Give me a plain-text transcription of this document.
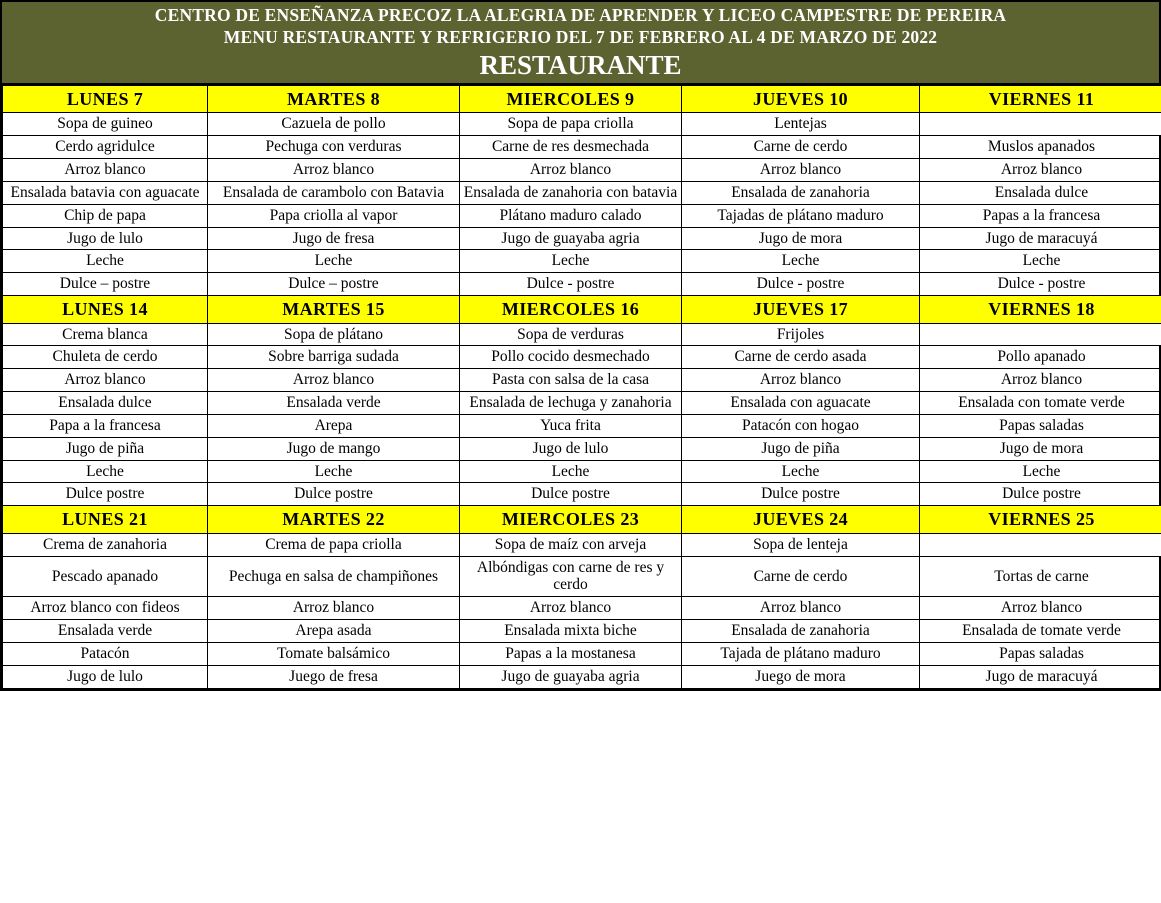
CENTRO DE ENSEÑANZA PRECOZ LA ALEGRIA DE APRENDER Y LICEO CAMPESTRE DE PEREIRA
MENU RESTAURANTE Y REFRIGERIO DEL 7 DE FEBRERO AL 4 DE MARZO DE 2022
RESTAURANTE
LUNES 7	MARTES 8	MIERCOLES 9	JUEVES 10	VIERNES 11
Sopa de guineo	Cazuela de pollo	Sopa de papa criolla	Lentejas	
Cerdo agridulce	Pechuga con verduras	Carne de res desmechada	Carne de cerdo	Muslos apanados
Arroz blanco	Arroz blanco	Arroz blanco	Arroz blanco	Arroz blanco
Ensalada batavia con aguacate	Ensalada de carambolo con Batavia	Ensalada de zanahoria con batavia	Ensalada de zanahoria	Ensalada dulce
Chip de papa	Papa criolla al vapor	Plátano maduro calado	Tajadas de plátano maduro	Papas a la francesa
Jugo de lulo	Jugo de fresa	Jugo de guayaba agria	Jugo de mora	Jugo de maracuyá
Leche	Leche	Leche	Leche	Leche
Dulce – postre	Dulce – postre	Dulce - postre	Dulce - postre	Dulce - postre
LUNES 14	MARTES 15	MIERCOLES 16	JUEVES 17	VIERNES 18
Crema blanca	Sopa de plátano	Sopa de verduras	Frijoles	
Chuleta de cerdo	Sobre barriga sudada	Pollo cocido desmechado	Carne de cerdo asada	Pollo apanado
Arroz blanco	Arroz blanco	Pasta con salsa de la casa	Arroz blanco	Arroz blanco
Ensalada dulce	Ensalada verde	Ensalada de lechuga y zanahoria	Ensalada con aguacate	Ensalada con tomate verde
Papa a la francesa	Arepa	Yuca frita	Patacón con hogao	Papas saladas
Jugo de piña	Jugo de mango	Jugo de lulo	Jugo de piña	Jugo de mora
Leche	Leche	Leche	Leche	Leche
Dulce postre	Dulce postre	Dulce postre	Dulce postre	Dulce postre
LUNES 21	MARTES 22	MIERCOLES 23	JUEVES 24	VIERNES 25
Crema de zanahoria	Crema de papa criolla	Sopa de maíz con arveja	Sopa de lenteja	
Pescado apanado	Pechuga en salsa de champiñones	Albóndigas con carne de res y cerdo	Carne de cerdo	Tortas de carne
Arroz blanco con fideos	Arroz blanco	Arroz blanco	Arroz blanco	Arroz blanco
Ensalada verde	Arepa asada	Ensalada mixta biche	Ensalada de zanahoria	Ensalada de tomate verde
Patacón	Tomate balsámico	Papas a la mostanesa	Tajada de plátano maduro	Papas saladas
Jugo de lulo	Juego de fresa	Jugo de guayaba agria	Juego de mora	Jugo de maracuyá
